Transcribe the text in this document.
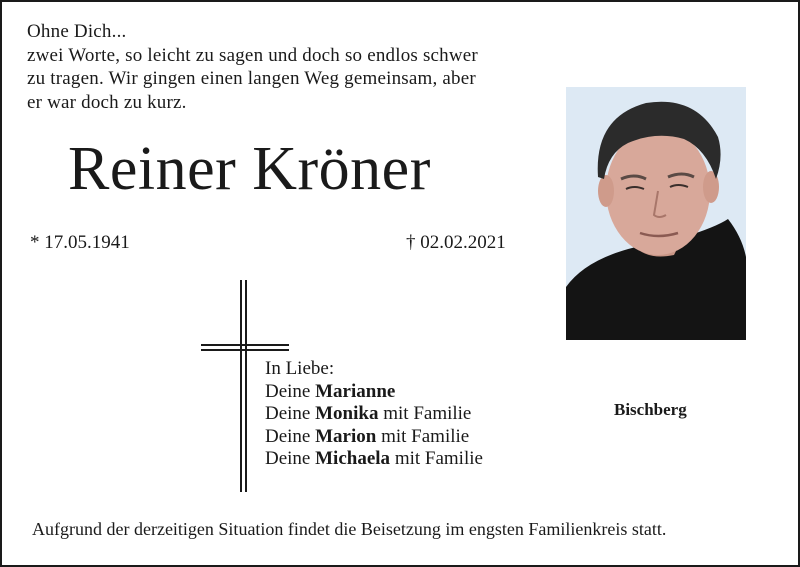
Ohne Dich...
zwei Worte, so leicht zu sagen und doch so endlos schwer
zu tragen. Wir gingen einen langen Weg gemeinsam, aber
er war doch zu kurz.
Reiner Kröner
* 17.05.1941	† 02.02.2021
In Liebe:
Deine Marianne
Deine Monika mit Familie
Deine Marion mit Familie
Deine Michaela mit Familie
Bischberg
Aufgrund der derzeitigen Situation findet die Beisetzung im engsten Familienkreis statt.
